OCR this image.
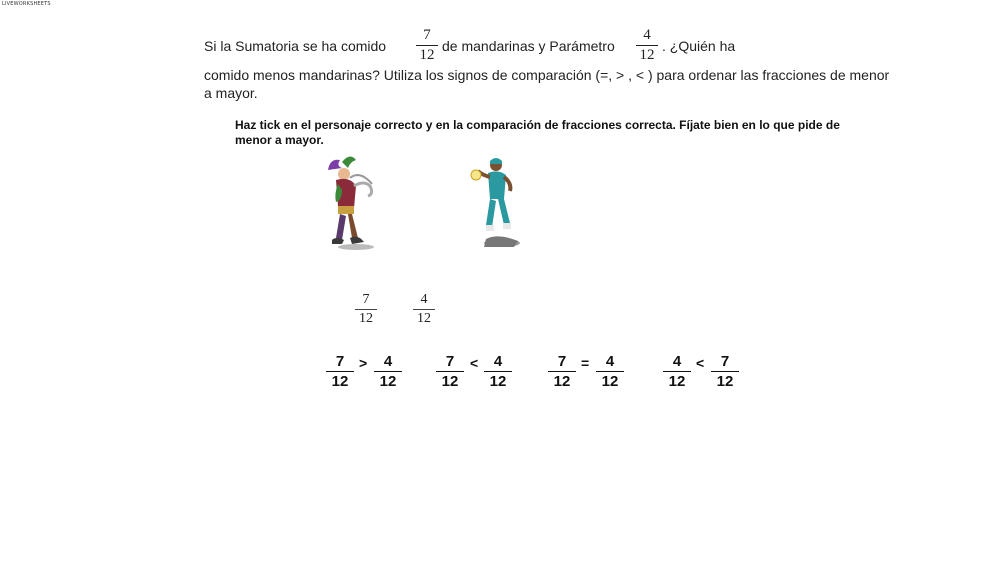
LIVEWORKSHEETS
Si la Sumatoria se ha comido
7
12
de mandarinas y Parámetro
4
12
. ¿Quién ha
comido menos mandarinas? Utiliza los signos de comparación (=, > , < ) para ordenar las fracciones de menor a mayor.
Haz tick en el personaje correcto y en la comparación de fracciones correcta. Fíjate bien en lo que pide de menor a mayor.
7
12
4
12
7
12
> 4
12
7
12
< 4
12
7
12
= 4
12
4
12
< 7
12
